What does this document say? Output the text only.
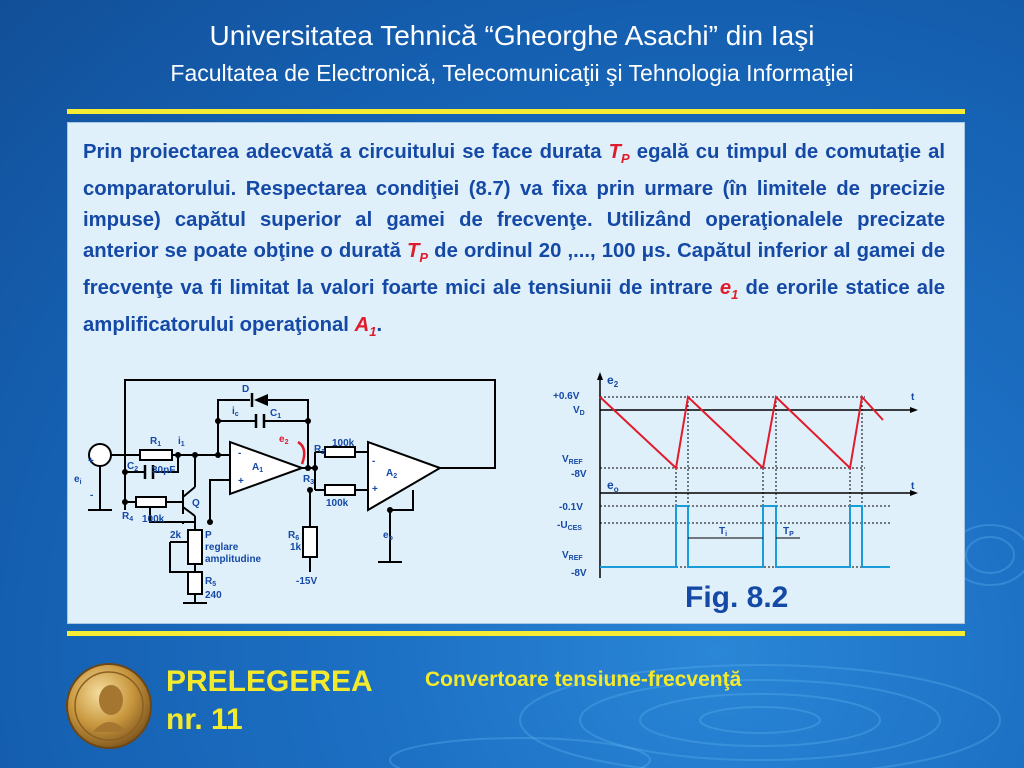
Universitatea Tehnică “Gheorghe Asachi” din Iaşi
Facultatea de Electronică, Telecomunicaţii şi Tehnologia Informaţiei
Prin proiectarea adecvată a circuitului se face durata $T_P$ egală cu timpul de comutaţie al comparatorului. Respectarea condiţiei (8.7) va fixa prin urmare (în limitele de precizie impuse) capătul superior al gamei de frecvenţe. Utilizând operaţionalele precizate anterior se poate obţine o durată $T_P$ de ordinul 20 ,..., 100 μs. Capătul inferior al gamei de frecvenţe va fi limitat la valori foarte mici ale tensiunii de intrare $e_1$ de erorile statice ale amplificatorului operaţional $A_1$.
D
$i_c$	$C_1$
$R_1$ $i_1$
$C_2$ 30pF
-
+
$A_1$
-
+
$A_2$
$R_2$
100k
$R_3$
100k
+
-
$e_i$
$R_4$ 100k
Q
2k P
reglare
amplitudine
$R_5$
240
$R_6$
1k
-15V
$e_o$
$e_2$
$e_2$
+0.6V
$V_D$
$V_{REF}$
-8V
t
$e_o$	t
-0.1V
$-U_{CES}$
$V_{REF}$
-8V
$T_i$	$T_P$
Fig. 8.2
PRELEGEREA
nr. 11
Convertoare tensiune-frecvenţă
